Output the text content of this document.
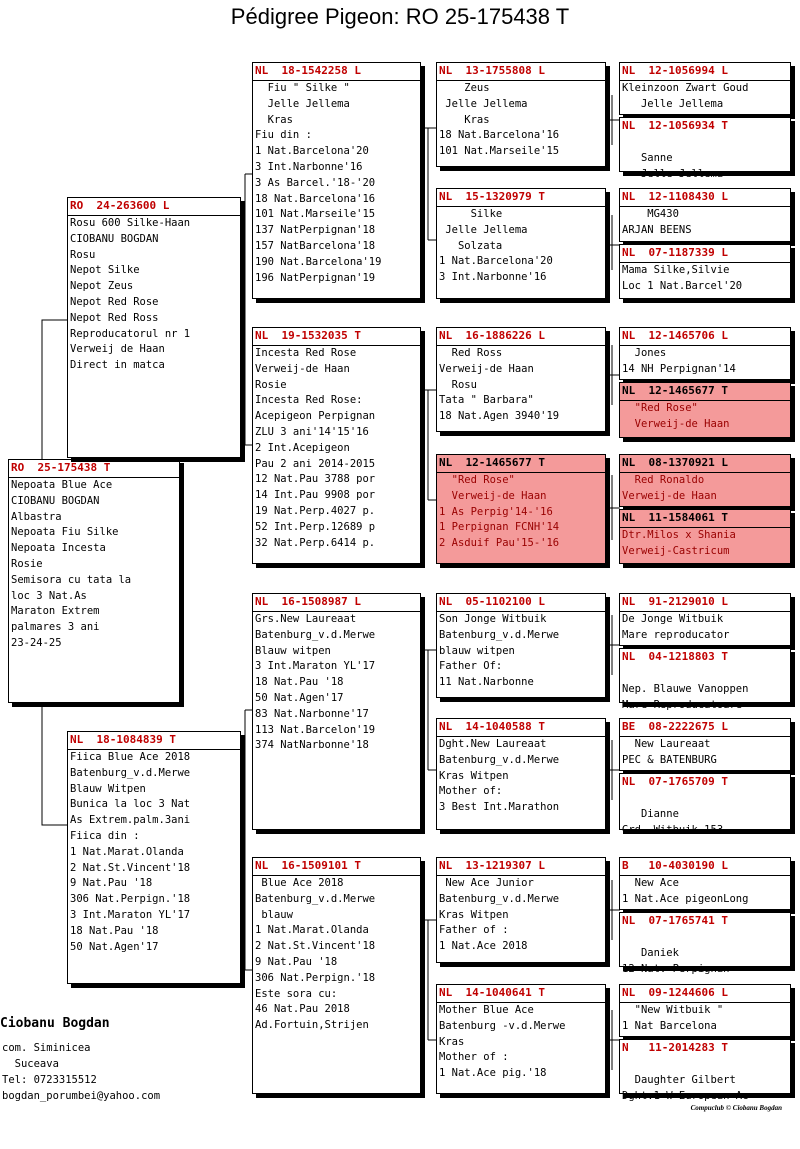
Pédigree Pigeon: RO 25-175438 T
RO  25-175438 T
Nepoata Blue Ace
CIOBANU BOGDAN
Albastra
Nepoata Fiu Silke
Nepoata Incesta
Rosie
Semisora cu tata la
loc 3 Nat.As
Maraton Extrem
palmares 3 ani
23-24-25
RO  24-263600 L
Rosu 600 Silke-Haan
CIOBANU BOGDAN
Rosu
Nepot Silke
Nepot Zeus
Nepot Red Rose
Nepot Red Ross
Reproducatorul nr 1
Verweij de Haan
Direct in matca
NL  18-1084839 T
Fiica Blue Ace 2018
Batenburg_v.d.Merwe
Blauw Witpen
Bunica la loc 3 Nat
As Extrem.palm.3ani
Fiica din :
1 Nat.Marat.Olanda
2 Nat.St.Vincent'18
9 Nat.Pau '18
306 Nat.Perpign.'18
3 Int.Maraton YL'17
18 Nat.Pau '18
50 Nat.Agen'17
NL  18-1542258 L
Fiu " Silke "
Jelle Jellema
Kras
Fiu din :
1 Nat.Barcelona'20
3 Int.Narbonne'16
3 As Barcel.'18-'20
18 Nat.Barcelona'16
101 Nat.Marseile'15
137 NatPerpignan'18
157 NatBarcelona'18
190 Nat.Barcelona'19
196 NatPerpignan'19
NL  19-1532035 T
Incesta Red Rose
Verweij-de Haan
Rosie
Incesta Red Rose:
Acepigeon Perpignan
ZLU 3 ani'14'15'16
2 Int.Acepigeon
Pau 2 ani 2014-2015
12 Nat.Pau 3788 por
14 Int.Pau 9908 por
19 Nat.Perp.4027 p.
52 Int.Perp.12689 p
32 Nat.Perp.6414 p.
NL  16-1508987 L
Grs.New Laureaat
Batenburg_v.d.Merwe
Blauw witpen
3 Int.Maraton YL'17
18 Nat.Pau '18
50 Nat.Agen'17
83 Nat.Narbonne'17
113 Nat.Barcelon'19
374 NatNarbonne'18
NL  16-1509101 T
Blue Ace 2018
Batenburg_v.d.Merwe
blauw
1 Nat.Marat.Olanda
2 Nat.St.Vincent'18
9 Nat.Pau '18
306 Nat.Perpign.'18
Este sora cu:
46 Nat.Pau 2018
Ad.Fortuin,Strijen
NL  13-1755808 L
Zeus
Jelle Jellema
Kras
18 Nat.Barcelona'16
101 Nat.Marseile'15
NL  15-1320979 T
Silke
Jelle Jellema
Solzata
1 Nat.Barcelona'20
3 Int.Narbonne'16
NL  16-1886226 L
Red Ross
Verweij-de Haan
Rosu
Tata " Barbara"
18 Nat.Agen 3940'19
NL  12-1465677 T
"Red Rose"
Verweij-de Haan
1 As Perpig'14-'16
1 Perpignan FCNH'14
2 Asduif Pau'15-'16
NL  05-1102100 L
Son Jonge Witbuik
Batenburg_v.d.Merwe
blauw witpen
Father Of:
11 Nat.Narbonne
NL  14-1040588 T
Dght.New Laureaat
Batenburg_v.d.Merwe
Kras Witpen
Mother of:
3 Best Int.Marathon
NL  13-1219307 L
New Ace Junior
Batenburg_v.d.Merwe
Kras Witpen
Father of :
1 Nat.Ace 2018
NL  14-1040641 T
Mother Blue Ace
Batenburg -v.d.Merwe
Kras
Mother of :
1 Nat.Ace pig.'18
NL  12-1056994 L
Kleinzoon Zwart Goud
Jelle Jellema
NL  12-1056934 T

Sanne
Jelle Jellema
NL  12-1108430 L
MG430
ARJAN BEENS
NL  07-1187339 L
Mama Silke,Silvie
Loc 1 Nat.Barcel'20
NL  12-1465706 L
Jones
14 NH Perpignan'14
NL  12-1465677 T
"Red Rose"
Verweij-de Haan
NL  08-1370921 L
Red Ronaldo
Verweij-de Haan
NL  11-1584061 T
Dtr.Milos x Shania
Verweij-Castricum
NL  91-2129010 L
De Jonge Witbuik
Mare reproducator
NL  04-1218803 T

Nep. Blauwe Vanoppen
Mare Reproducatoare
BE  08-2222675 L
New Laureaat
PEC & BATENBURG
NL  07-1765709 T

Dianne
Grd. Witbuik 153
B   10-4030190 L
New Ace
1 Nat.Ace pigeonLong
NL  07-1765741 T

Daniek
12 Nat. Perpignan
NL  09-1244606 L
"New Witbuik "
1 Nat Barcelona
N   11-2014283 T

Daughter Gilbert
Dght.1 W-European Ac
Ciobanu Bogdan
com. Siminicea
Suceava
Tel: 0723315512
bogdan_porumbei@yahoo.com
Compuclub © Ciobanu Bogdan
